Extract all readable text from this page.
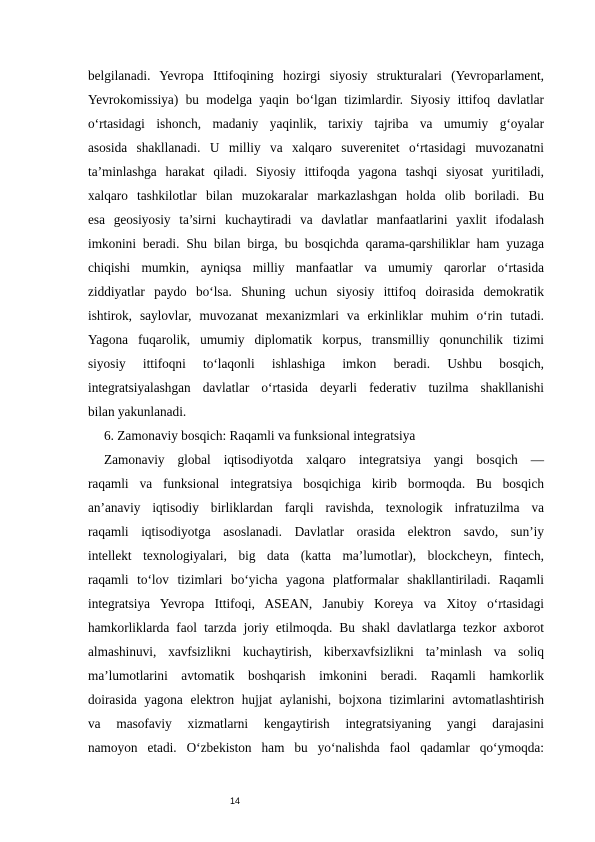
belgilanadi. Yevropa Ittifoqining hozirgi siyosiy strukturalari (Yevroparlament,
Yevrokomissiya) bu modelga yaqin bo‘lgan tizimlardir. Siyosiy ittifoq davlatlar
o‘rtasidagi ishonch, madaniy yaqinlik, tarixiy tajriba va umumiy g‘oyalar
asosida shakllanadi. U milliy va xalqaro suverenitet o‘rtasidagi muvozanatni
ta’minlashga harakat qiladi. Siyosiy ittifoqda yagona tashqi siyosat yuritiladi,
xalqaro tashkilotlar bilan muzokaralar markazlashgan holda olib boriladi. Bu
esa geosiyosiy ta’sirni kuchaytiradi va davlatlar manfaatlarini yaxlit ifodalash
imkonini beradi. Shu bilan birga, bu bosqichda qarama-qarshiliklar ham yuzaga
chiqishi mumkin, ayniqsa milliy manfaatlar va umumiy qarorlar o‘rtasida
ziddiyatlar paydo bo‘lsa. Shuning uchun siyosiy ittifoq doirasida demokratik
ishtirok, saylovlar, muvozanat mexanizmlari va erkinliklar muhim o‘rin tutadi.
Yagona fuqarolik, umumiy diplomatik korpus, transmilliy qonunchilik tizimi
siyosiy ittifoqni to‘laqonli ishlashiga imkon beradi. Ushbu bosqich,
integratsiyalashgan davlatlar o‘rtasida deyarli federativ tuzilma shakllanishi
bilan yakunlanadi.
6. Zamonaviy bosqich: Raqamli va funksional integratsiya
Zamonaviy global iqtisodiyotda xalqaro integratsiya yangi bosqich —
raqamli va funksional integratsiya bosqichiga kirib bormoqda. Bu bosqich
an’anaviy iqtisodiy birliklardan farqli ravishda, texnologik infratuzilma va
raqamli iqtisodiyotga asoslanadi. Davlatlar orasida elektron savdo, sun’iy
intellekt texnologiyalari, big data (katta ma’lumotlar), blockcheyn, fintech,
raqamli to‘lov tizimlari bo‘yicha yagona platformalar shakllantiriladi. Raqamli
integratsiya Yevropa Ittifoqi, ASEAN, Janubiy Koreya va Xitoy o‘rtasidagi
hamkorliklarda faol tarzda joriy etilmoqda. Bu shakl davlatlarga tezkor axborot
almashinuvi, xavfsizlikni kuchaytirish, kiberxavfsizlikni ta’minlash va soliq
ma’lumotlarini avtomatik boshqarish imkonini beradi. Raqamli hamkorlik
doirasida yagona elektron hujjat aylanishi, bojxona tizimlarini avtomatlashtirish
va masofaviy xizmatlarni kengaytirish integratsiyaning yangi darajasini
namoyon etadi. O‘zbekiston ham bu yo‘nalishda faol qadamlar qo‘ymoqda:
14
